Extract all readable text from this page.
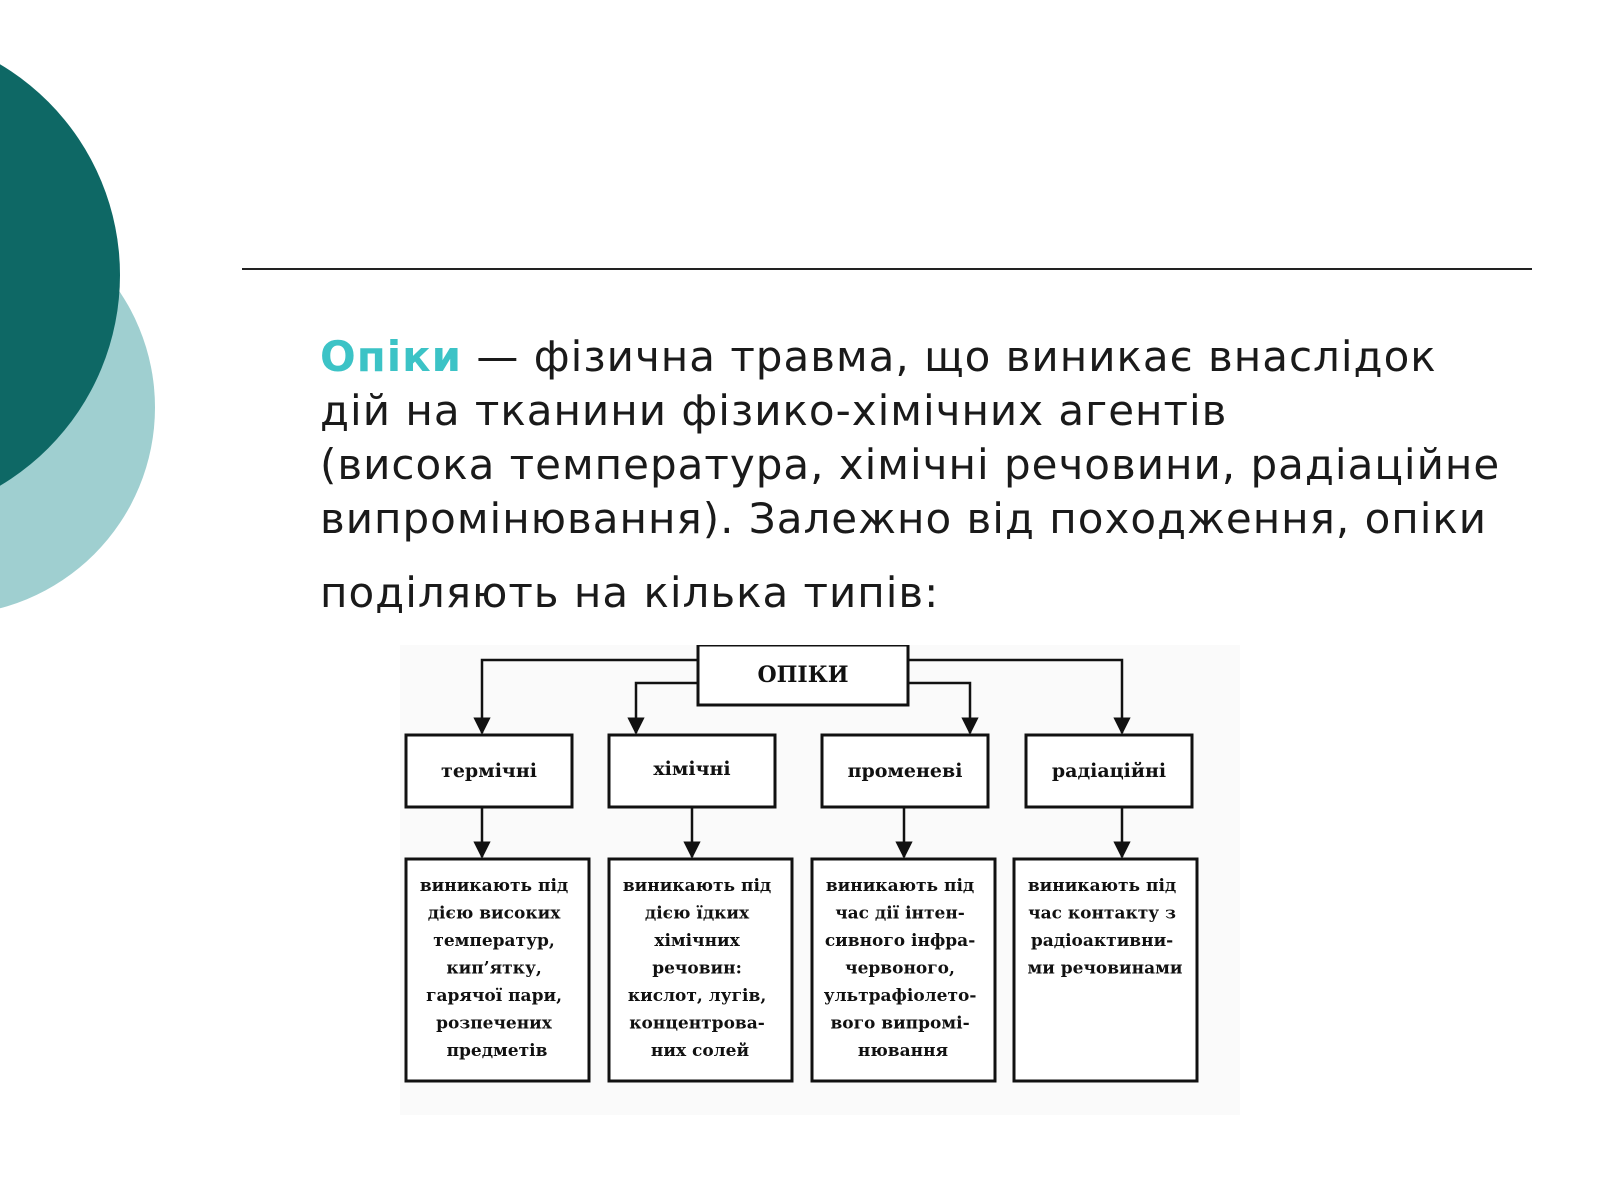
Опіки — фізична травма, що виникає внаслідок
дій на тканини фізико-хімічних агентів
(висока температура, хімічні речовини, радіаційне
випромінювання). Залежно від походження, опіки
поділяють на кілька типів:
ОПІКИ
термічні	хімічні	променеві	радіаційні
виникають під дією високих температур, кип’ятку, гарячої пари, розпечених предметів
виникають під дією їдких хімічних речовин: кислот, лугів, концентрова- них солей
виникають під час дії інтен- сивного інфра- червоного, ультрафіолето- вого випромі- нювання
виникають під час контакту з радіоактивни- ми речовинами
